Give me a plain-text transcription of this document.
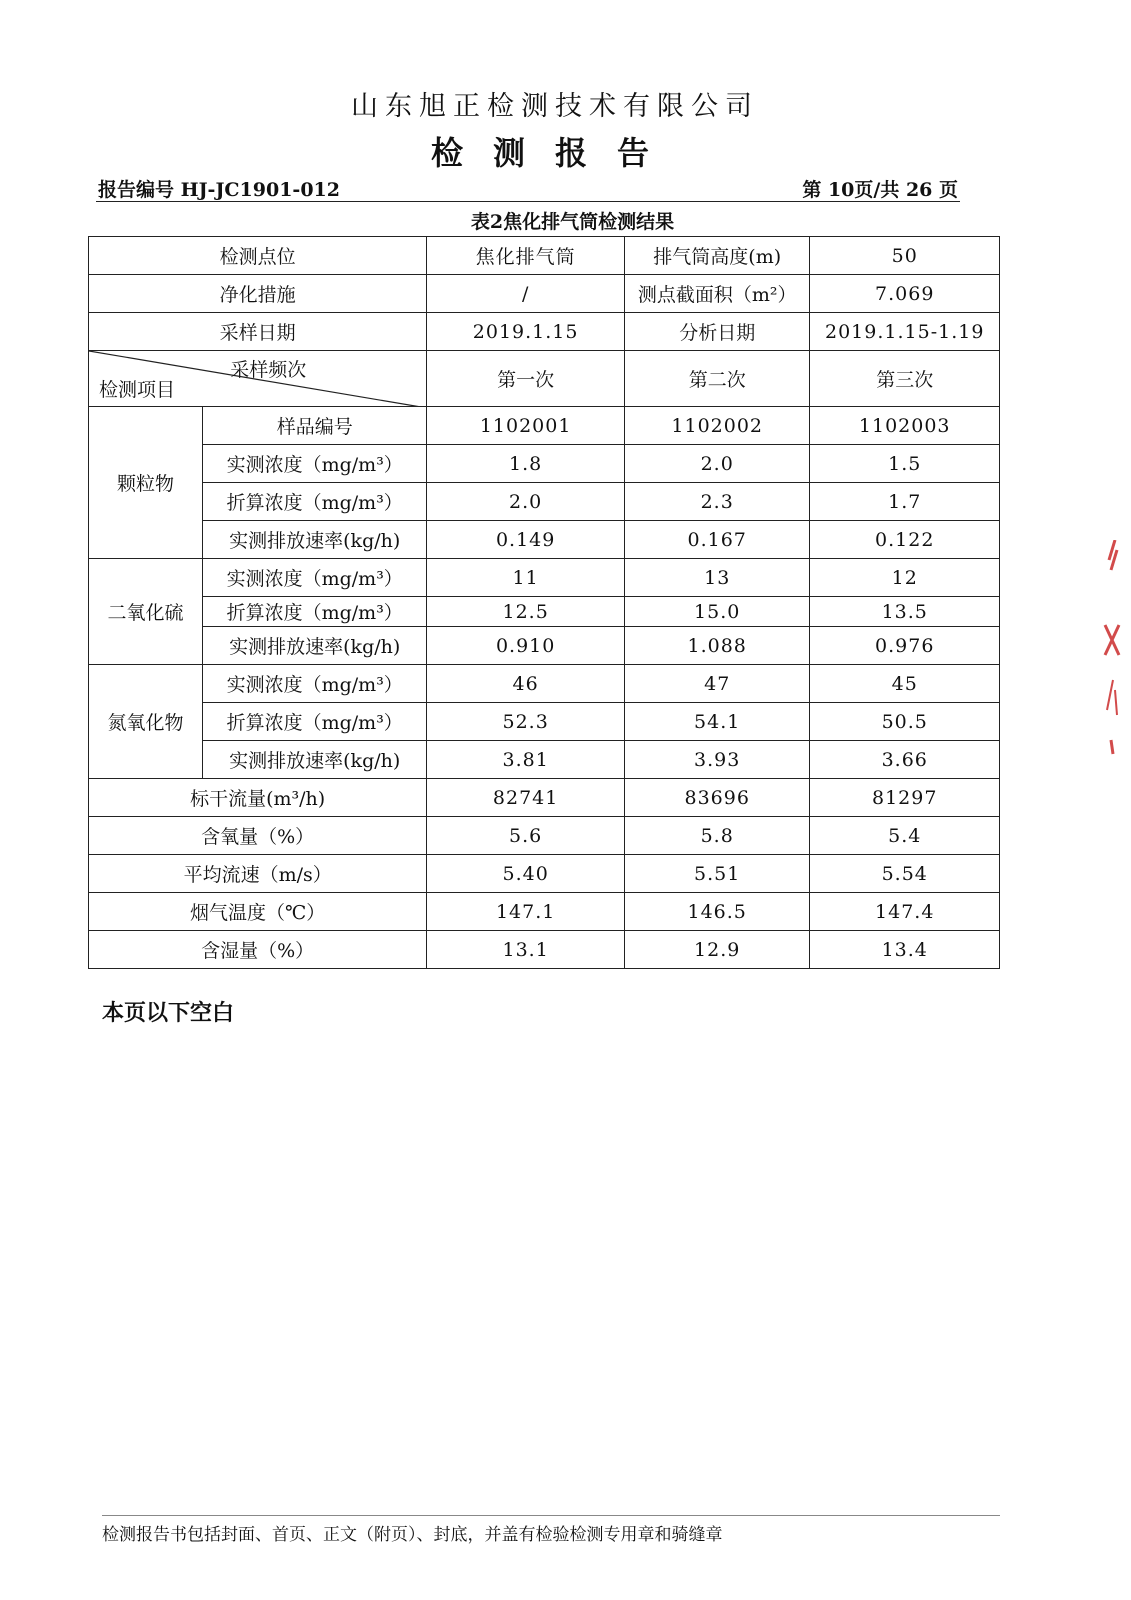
山东旭正检测技术有限公司
检测报告
报告编号 HJ-JC1901-012	第 10页/共 26 页
表2焦化排气筒检测结果
检测点位		焦化排气筒	排气筒高度(m)	50
净化措施		/	测点截面积（m²）	7.069
采样日期		2019.1.15	分析日期	2019.1.15-1.19

采样频次
检测项目		第一次	第二次	第三次
颗粒物	样品编号	1102001	1102002	1102003
	实测浓度（mg/m³）	1.8	2.0	1.5
	折算浓度（mg/m³）	2.0	2.3	1.7
	实测排放速率(kg/h)	0.149	0.167	0.122
二氧化硫	实测浓度（mg/m³）	11	13	12
	折算浓度（mg/m³）	12.5	15.0	13.5
	实测排放速率(kg/h)	0.910	1.088	0.976
氮氧化物	实测浓度（mg/m³）	46	47	45
	折算浓度（mg/m³）	52.3	54.1	50.5
	实测排放速率(kg/h)	3.81	3.93	3.66
标干流量(m³/h)		82741	83696	81297
含氧量（%）		5.6	5.8	5.4
平均流速（m/s）		5.40	5.51	5.54
烟气温度（℃）		147.1	146.5	147.4
含湿量（%）		13.1	12.9	13.4
本页以下空白
检测报告书包括封面、首页、正文（附页）、封底，并盖有检验检测专用章和骑缝章
